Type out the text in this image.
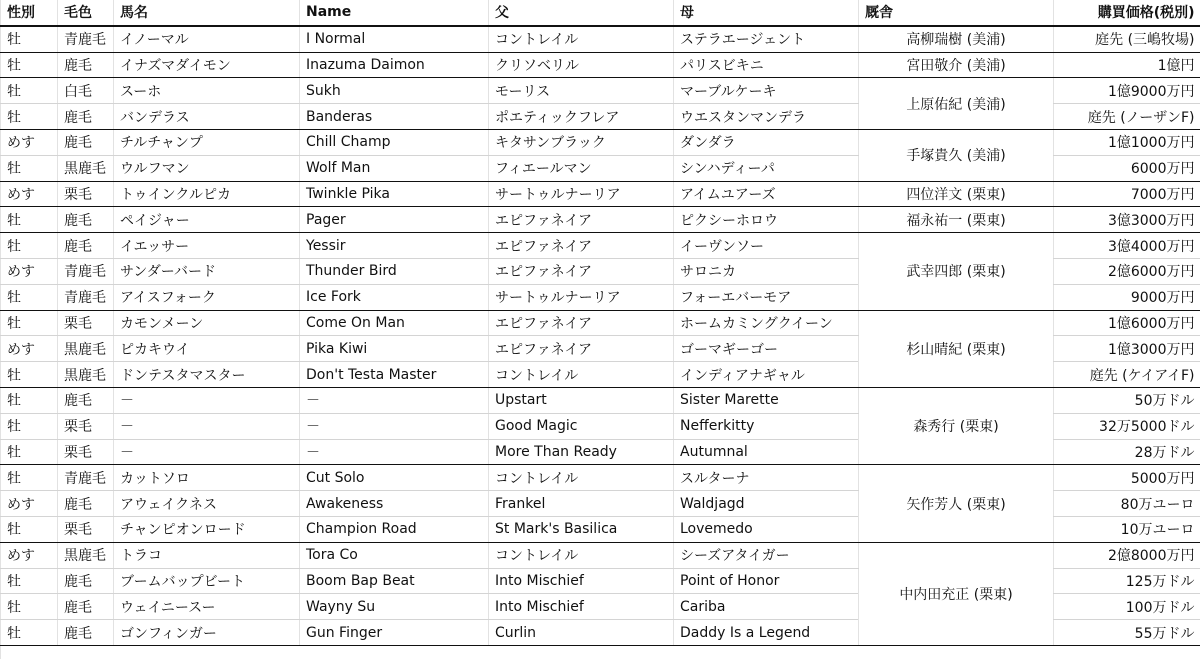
性別	毛色	馬名	Name	父	母	厩舎	購買価格(税別)
牡	青鹿毛	イノーマル	I Normal	コントレイル	ステラエージェント	高柳瑞樹 (美浦)	庭先 (三嶋牧場)
牡	鹿毛	イナズマダイモン	Inazuma Daimon	クリソベリル	パリスビキニ	宮田敬介 (美浦)	1億円
牡	白毛	スーホ	Sukh	モーリス	マーブルケーキ	上原佑紀 (美浦)	1億9000万円
牡	鹿毛	バンデラス	Banderas	ポエティックフレア	ウエスタンマンデラ		庭先 (ノーザンF)
めす	鹿毛	チルチャンプ	Chill Champ	キタサンブラック	ダンダラ	手塚貴久 (美浦)	1億1000万円
牡	黒鹿毛	ウルフマン	Wolf Man	フィエールマン	シンハディーパ		6000万円
めす	栗毛	トゥインクルピカ	Twinkle Pika	サートゥルナーリア	アイムユアーズ	四位洋文 (栗東)	7000万円
牡	鹿毛	ペイジャー	Pager	エピファネイア	ピクシーホロウ	福永祐一 (栗東)	3億3000万円
牡	鹿毛	イエッサー	Yessir	エピファネイア	イーヴンソー	武幸四郎 (栗東)	3億4000万円
めす	青鹿毛	サンダーバード	Thunder Bird	エピファネイア	サロニカ		2億6000万円
牡	青鹿毛	アイスフォーク	Ice Fork	サートゥルナーリア	フォーエバーモア		9000万円
牡	栗毛	カモンメーン	Come On Man	エピファネイア	ホームカミングクイーン	杉山晴紀 (栗東)	1億6000万円
めす	黒鹿毛	ピカキウイ	Pika Kiwi	エピファネイア	ゴーマギーゴー		1億3000万円
牡	黒鹿毛	ドンテスタマスター	Don't Testa Master	コントレイル	インディアナギャル		庭先 (ケイアイF)
牡	鹿毛	－	－	Upstart	Sister Marette	森秀行 (栗東)	50万ドル
牡	栗毛	－	－	Good Magic	Nefferkitty		32万5000ドル
牡	栗毛	－	－	More Than Ready	Autumnal		28万ドル
牡	青鹿毛	カットソロ	Cut Solo	コントレイル	スルターナ	矢作芳人 (栗東)	5000万円
めす	鹿毛	アウェイクネス	Awakeness	Frankel	Waldjagd		80万ユーロ
牡	栗毛	チャンピオンロード	Champion Road	St Mark's Basilica	Lovemedo		10万ユーロ
めす	黒鹿毛	トラコ	Tora Co	コントレイル	シーズアタイガー	中内田充正 (栗東)	2億8000万円
牡	鹿毛	ブームバップビート	Boom Bap Beat	Into Mischief	Point of Honor		125万ドル
牡	鹿毛	ウェイニースー	Wayny Su	Into Mischief	Cariba		100万ドル
牡	鹿毛	ゴンフィンガー	Gun Finger	Curlin	Daddy Is a Legend		55万ドル
